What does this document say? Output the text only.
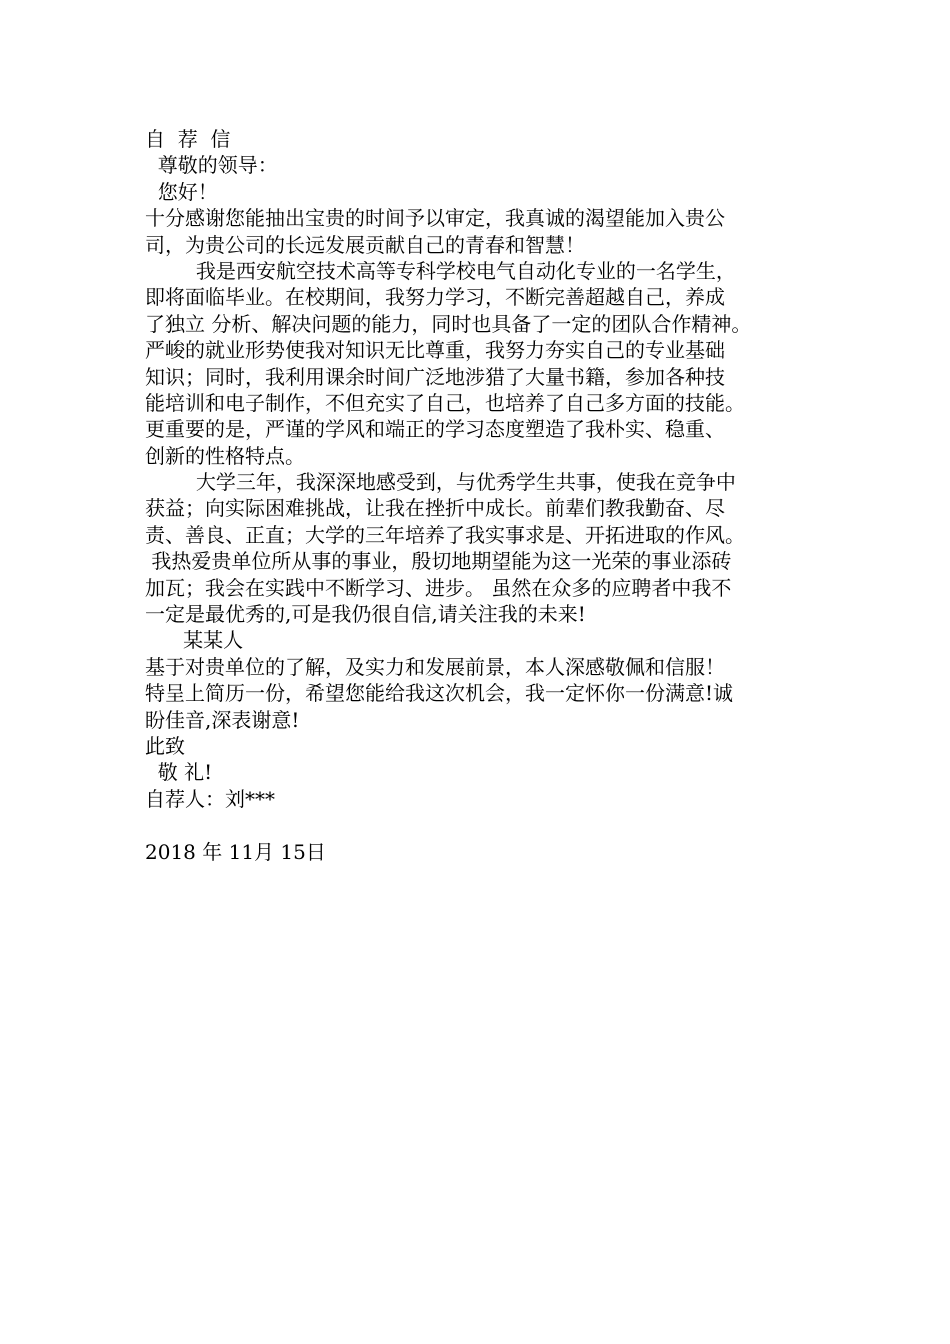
自  荐  信
尊敬的领导：
您好！
十分感谢您能抽出宝贵的时间予以审定，我真诚的渴望能加入贵公
司，为贵公司的长远发展贡献自己的青春和智慧！
我是西安航空技术高等专科学校电气自动化专业的一名学生，
即将面临毕业。在校期间，我努力学习，不断完善超越自己，养成
了独立 分析、解决问题的能力，同时也具备了一定的团队合作精神。
严峻的就业形势使我对知识无比尊重，我努力夯实自己的专业基础
知识；同时，我利用课余时间广泛地涉猎了大量书籍，参加各种技
能培训和电子制作，不但充实了自己，也培养了自己多方面的技能。
更重要的是，严谨的学风和端正的学习态度塑造了我朴实、稳重、
创新的性格特点。
大学三年，我深深地感受到，与优秀学生共事，使我在竞争中
获益；向实际困难挑战，让我在挫折中成长。前辈们教我勤奋、尽
责、善良、正直；大学的三年培养了我实事求是、开拓进取的作风。
我热爱贵单位所从事的事业，殷切地期望能为这一光荣的事业添砖
加瓦；我会在实践中不断学习、进步。 虽然在众多的应聘者中我不
一定是最优秀的,可是我仍很自信,请关注我的未来!
某某人
基于对贵单位的了解，及实力和发展前景，本人深感敬佩和信服！
特呈上简历一份，希望您能给我这次机会，我一定怀你一份满意!诚
盼佳音,深表谢意!
此致
敬 礼!
自荐人：刘***
2018 年 11月 15日
